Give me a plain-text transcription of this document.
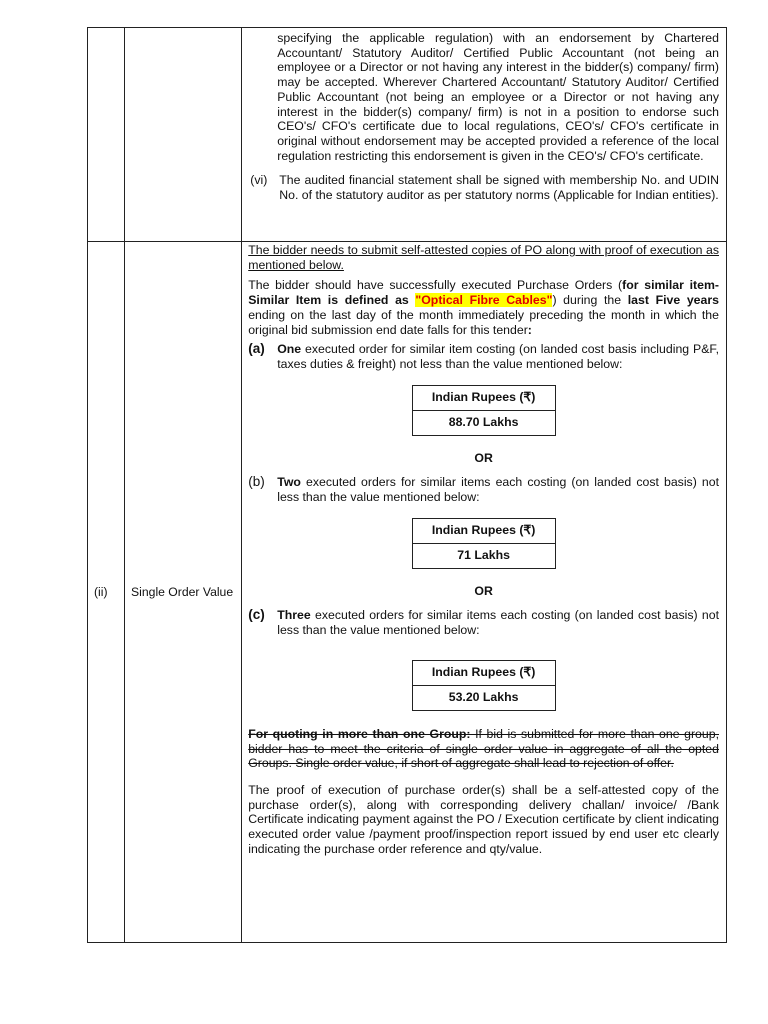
specifying the applicable regulation) with an endorsement by Chartered Accountant/ Statutory Auditor/ Certified Public Accountant (not being an employee or a Director or not having any interest in the bidder(s) company/ firm) may be accepted. Wherever Chartered Accountant/ Statutory Auditor/ Certified Public Accountant (not being an employee or a Director or not having any interest in the bidder(s) company/ firm) is not in a position to endorse such CEO's/ CFO's certificate due to local regulations, CEO's/ CFO's certificate in original without endorsement may be accepted provided a reference of the local regulation restricting this endorsement is given in the CEO's/ CFO's certificate.

(vi) The audited financial statement shall be signed with membership No. and UDIN No. of the statutory auditor as per statutory norms (Applicable for Indian entities).

(ii)	Single Order Value

The bidder needs to submit self-attested copies of PO along with proof of execution as mentioned below.

The bidder should have successfully executed Purchase Orders (for similar item- Similar Item is defined as "Optical Fibre Cables") during the last Five years ending on the last day of the month immediately preceding the month in which the original bid submission end date falls for this tender:

(a)	One executed order for similar item costing (on landed cost basis including P&F, taxes duties & freight) not less than the value mentioned below:
Indian Rupees (₹)
88.70 Lakhs
OR
(b)	Two executed orders for similar items each costing (on landed cost basis) not less than the value mentioned below:
Indian Rupees (₹)
71 Lakhs
OR
(c)	Three executed orders for similar items each costing (on landed cost basis) not less than the value mentioned below:
Indian Rupees (₹)
53.20 Lakhs

For quoting in more than one Group: If bid is submitted for more than one group, bidder has to meet the criteria of single order value in aggregate of all the opted Groups. Single order value, if short of aggregate shall lead to rejection of offer.

The proof of execution of purchase order(s) shall be a self-attested copy of the purchase order(s), along with corresponding delivery challan/ invoice/ /Bank Certificate indicating payment against the PO / Execution certificate by client indicating executed order value /payment proof/inspection report issued by end user etc clearly indicating the purchase order reference and qty/value.
